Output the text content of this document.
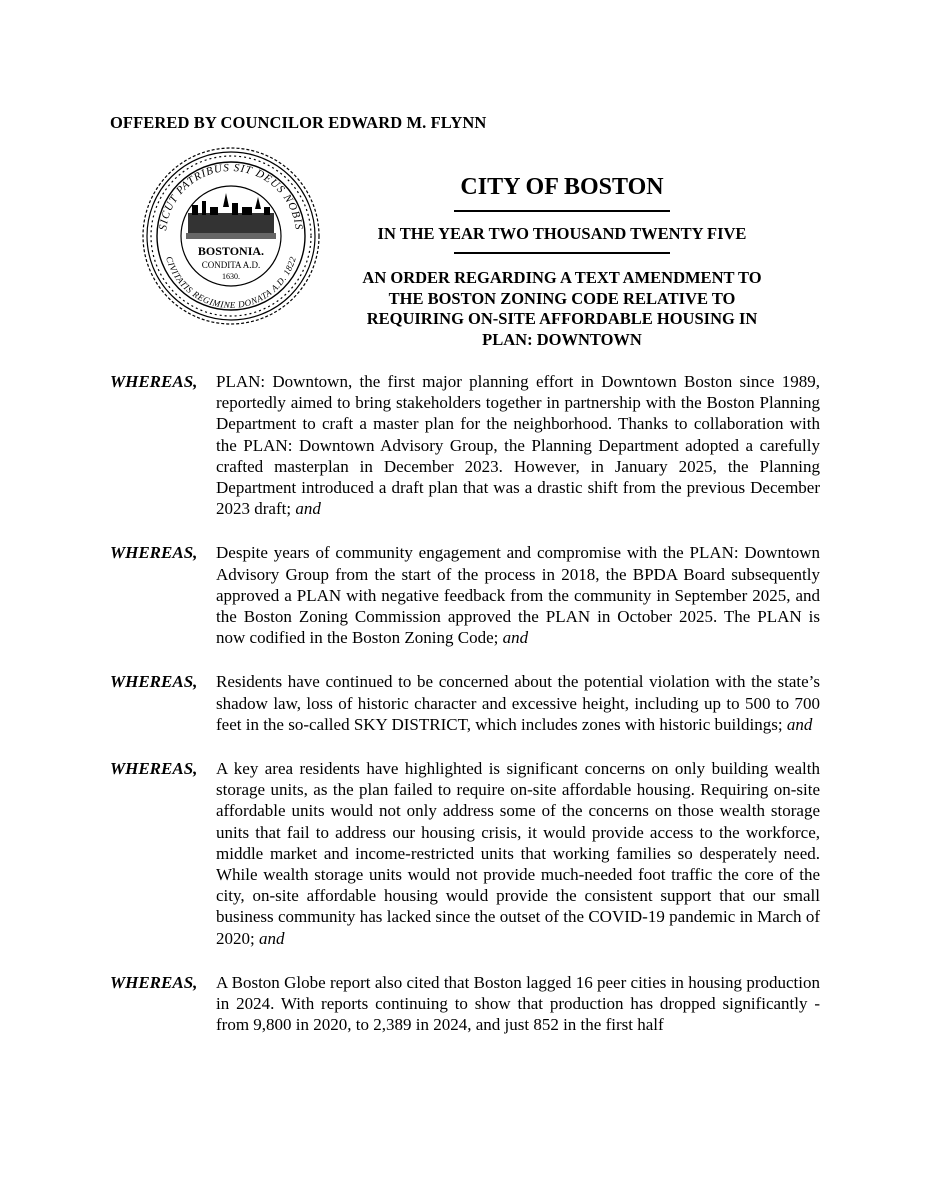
OFFERED BY COUNCILOR EDWARD M. FLYNN
SICUT PATRIBUS SIT DEUS NOBIS
CIVITATIS REGIMINE DONATA A.D. 1822
BOSTONIA.
CONDITA A.D.
1630.
CITY OF BOSTON
IN THE YEAR TWO THOUSAND TWENTY FIVE
AN ORDER REGARDING A TEXT AMENDMENT TO
THE BOSTON ZONING CODE RELATIVE TO
REQUIRING ON-SITE AFFORDABLE HOUSING IN
PLAN: DOWNTOWN
WHEREAS,	PLAN: Downtown, the first major planning effort in Downtown Boston since 1989, reportedly aimed to bring stakeholders together in partnership with the Boston Planning Department to craft a master plan for the neighborhood. Thanks to collaboration with the PLAN: Downtown Advisory Group, the Planning Department adopted a carefully crafted masterplan in December 2023. However, in January 2025, the Planning Department introduced a draft plan that was a drastic shift from the previous December 2023 draft; and
WHEREAS,	Despite years of community engagement and compromise with the PLAN: Downtown Advisory Group from the start of the process in 2018, the BPDA Board subsequently approved a PLAN with negative feedback from the community in September 2025, and the Boston Zoning Commission approved the PLAN in October 2025. The PLAN is now codified in the Boston Zoning Code; and
WHEREAS,	Residents have continued to be concerned about the potential violation with the state’s shadow law, loss of historic character and excessive height, including up to 500 to 700 feet in the so-called SKY DISTRICT, which includes zones with historic buildings; and
WHEREAS,	A key area residents have highlighted is significant concerns on only building wealth storage units, as the plan failed to require on-site affordable housing. Requiring on-site affordable units would not only address some of the concerns on those wealth storage units that fail to address our housing crisis, it would provide access to the workforce, middle market and income-restricted units that working families so desperately need. While wealth storage units would not provide much-needed foot traffic the core of the city, on-site affordable housing would provide the consistent support that our small business community has lacked since the outset of the COVID-19 pandemic in March of 2020; and
WHEREAS,	A Boston Globe report also cited that Boston lagged 16 peer cities in housing production in 2024. With reports continuing to show that production has dropped significantly - from 9,800 in 2020, to 2,389 in 2024, and just 852 in the first half
